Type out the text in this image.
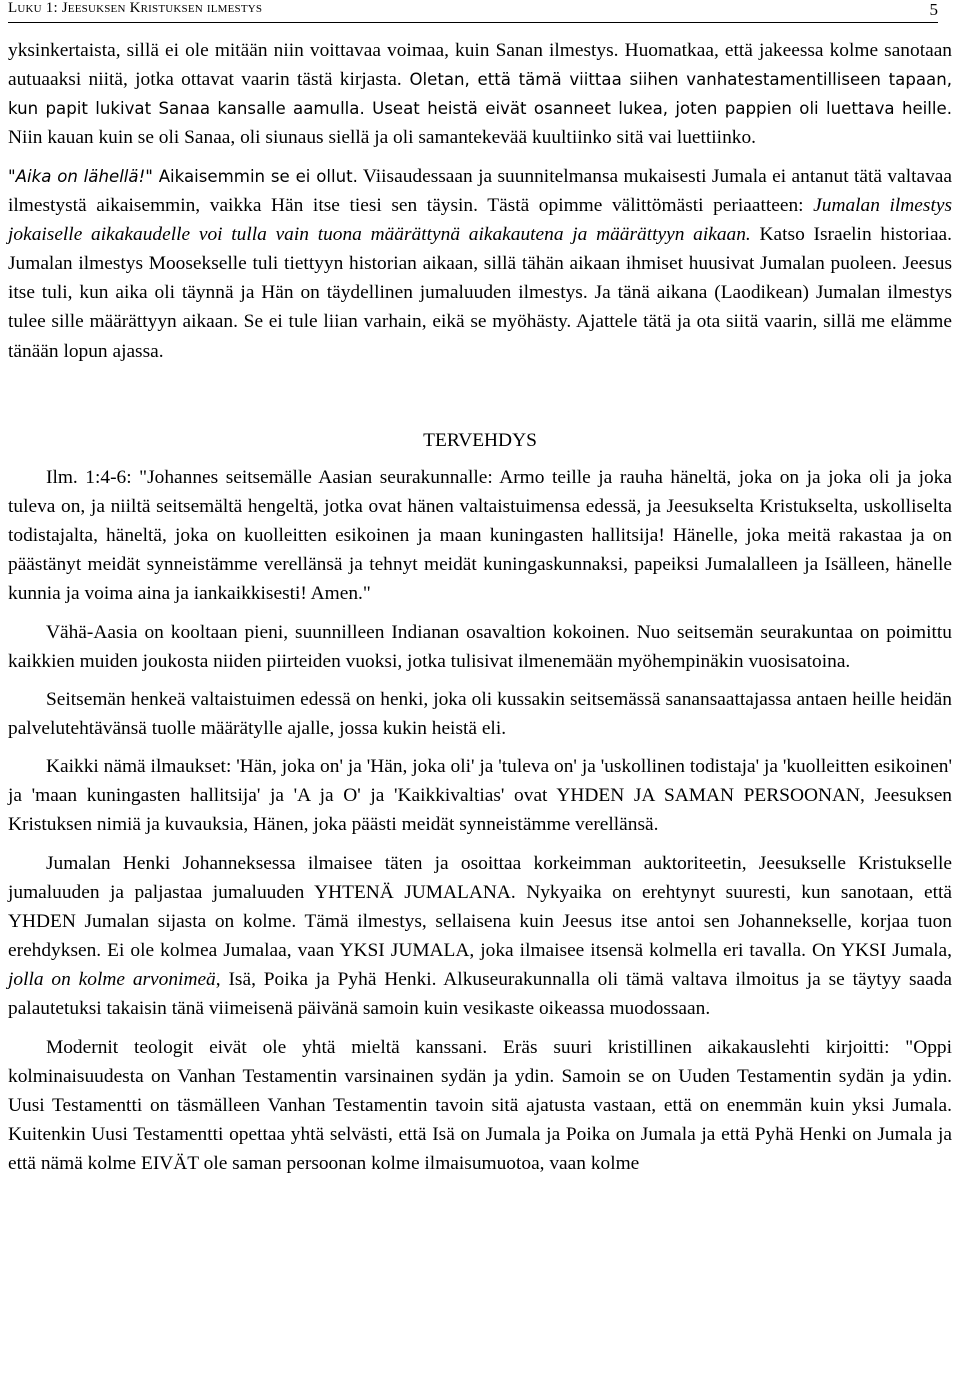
Luku 1: Jeesuksen Kristuksen ilmestys	5

yksinkertaista, sillä ei ole mitään niin voittavaa voimaa, kuin Sanan ilmestys. Huomatkaa, että jakeessa kolme sanotaan autuaaksi niitä, jotka ottavat vaarin tästä kirjasta. Oletan, että tämä viittaa siihen vanhatestamentilliseen tapaan, kun papit lukivat Sanaa kansalle aamulla. Useat heistä eivät osanneet lukea, joten pappien oli luettava heille. Niin kauan kuin se oli Sanaa, oli siunaus siellä ja oli samantekevää kuultiinko sitä vai luettiinko.

"Aika on lähellä!" Aikaisemmin se ei ollut. Viisaudessaan ja suunnitelmansa mukaisesti Jumala ei antanut tätä valtavaa ilmestystä aikaisemmin, vaikka Hän itse tiesi sen täysin. Tästä opimme välittömästi periaatteen: Jumalan ilmestys jokaiselle aikakaudelle voi tulla vain tuona määrättynä aikakautena ja määrättyyn aikaan. Katso Israelin historiaa. Jumalan ilmestys Moosekselle tuli tiettyyn historian aikaan, sillä tähän aikaan ihmiset huusivat Jumalan puoleen. Jeesus itse tuli, kun aika oli täynnä ja Hän on täydellinen jumaluuden ilmestys. Ja tänä aikana (Laodikean) Jumalan ilmestys tulee sille määrättyyn aikaan. Se ei tule liian varhain, eikä se myöhästy. Ajattele tätä ja ota siitä vaarin, sillä me elämme tänään lopun ajassa.

TERVEHDYS

Ilm. 1:4-6: "Johannes seitsemälle Aasian seurakunnalle: Armo teille ja rauha häneltä, joka on ja joka oli ja joka tuleva on, ja niiltä seitsemältä hengeltä, jotka ovat hänen valtaistuimensa edessä, ja Jeesukselta Kristukselta, uskolliselta todistajalta, häneltä, joka on kuolleitten esikoinen ja maan kuningasten hallitsija! Hänelle, joka meitä rakastaa ja on päästänyt meidät synneistämme verellänsä ja tehnyt meidät kuningaskunnaksi, papeiksi Jumalalleen ja Isälleen, hänelle kunnia ja voima aina ja iankaikkisesti! Amen."

Vähä-Aasia on kooltaan pieni, suunnilleen Indianan osavaltion kokoinen. Nuo seitsemän seurakuntaa on poimittu kaikkien muiden joukosta niiden piirteiden vuoksi, jotka tulisivat ilmenemään myöhempinäkin vuosisatoina.

Seitsemän henkeä valtaistuimen edessä on henki, joka oli kussakin seitsemässä sanansaattajassa antaen heille heidän palvelutehtävänsä tuolle määrätylle ajalle, jossa kukin heistä eli.

Kaikki nämä ilmaukset: 'Hän, joka on' ja 'Hän, joka oli' ja 'tuleva on' ja 'uskollinen todistaja' ja 'kuolleitten esikoinen' ja 'maan kuningasten hallitsija' ja 'A ja O' ja 'Kaikkivaltias' ovat YHDEN JA SAMAN PERSOONAN, Jeesuksen Kristuksen nimiä ja kuvauksia, Hänen, joka päästi meidät synneistämme verellänsä.

Jumalan Henki Johanneksessa ilmaisee täten ja osoittaa korkeimman auktoriteetin, Jeesukselle Kristukselle jumaluuden ja paljastaa jumaluuden YHTENÄ JUMALANA. Nykyaika on erehtynyt suuresti, kun sanotaan, että YHDEN Jumalan sijasta on kolme. Tämä ilmestys, sellaisena kuin Jeesus itse antoi sen Johannekselle, korjaa tuon erehdyksen. Ei ole kolmea Jumalaa, vaan YKSI JUMALA, joka ilmaisee itsensä kolmella eri tavalla. On YKSI Jumala, jolla on kolme arvonimeä, Isä, Poika ja Pyhä Henki. Alkuseurakunnalla oli tämä valtava ilmoitus ja se täytyy saada palautetuksi takaisin tänä viimeisenä päivänä samoin kuin vesikaste oikeassa muodossaan.

Modernit teologit eivät ole yhtä mieltä kanssani. Eräs suuri kristillinen aikakauslehti kirjoitti: "Oppi kolminaisuudesta on Vanhan Testamentin varsinainen sydän ja ydin. Samoin se on Uuden Testamentin sydän ja ydin. Uusi Testamentti on täsmälleen Vanhan Testamentin tavoin sitä ajatusta vastaan, että on enemmän kuin yksi Jumala. Kuitenkin Uusi Testamentti opettaa yhtä selvästi, että Isä on Jumala ja Poika on Jumala ja että Pyhä Henki on Jumala ja että nämä kolme EIVÄT ole saman persoonan kolme ilmaisumuotoa, vaan kolme
